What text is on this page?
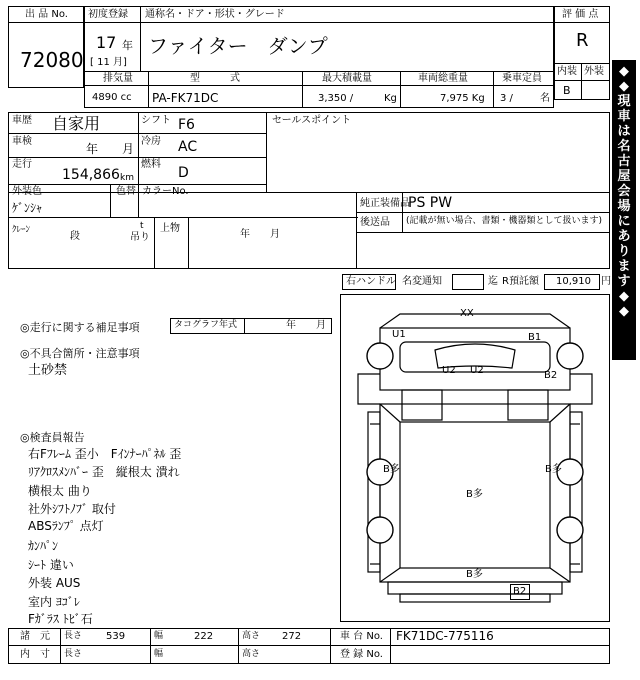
出 品 No.
72080
初度登録 通称名・ドア・形状・グレード
17 年
[ 11 月]
ファイター　ダンプ
評 価 点
R
内装 外装
B
排気量	型　　　式	最大積載量	車両総重量	乗車定員
4890 cc PA-FK71DC	3,350 /	Kg	7,975 Kg 3 /	名
車歴 自家用	シフト F6	セールスポイント
車検
年　　月
冷房 AC
走行
154,866 km
燃料
D
外装色
ｹﾞﾝｼｬ
色替 カラーNo.
純正装備品
PS PW
後送品 (記載が無い場合、書類・機器類として扱います)
ｸﾚｰﾝ
段
t
吊り
上物
年　　月
右ハンドル 名変通知	迄 R預託額 10,910 円
◎走行に関する補足事項	タコグラフ年式	年　　月
◎不具合箇所・注意事項
土砂禁
◎検査員報告
右Fﾌﾚｰﾑ 歪小　Fｲﾝﾅｰﾊﾟﾈﾙ 歪
ﾘｱｸﾛｽﾒﾝﾊﾞｰ 歪　縦根太 潰れ
横根太 曲り
社外ｼﾌﾄﾉﾌﾞ 取付
ABSﾗﾝﾌﾟ 点灯
ｶﾝﾊﾟﾝ
ｼｰﾄ 違い
外装 AUS
室内 ﾖｺﾞﾚ
Fｶﾞﾗｽ ﾄﾋﾞ石
XX
U1	B1
U2 U2	B2
B多	B多
B多
B多
B2
◆
◆
現
車
は
名
古
屋
会
場
に
あ
り
ま
す
◆
◆
諸　元 長さ 539	幅	222	高さ 272	車 台 No. FK71DC-775116
内　寸 長さ	幅	高さ	登 録 No.
